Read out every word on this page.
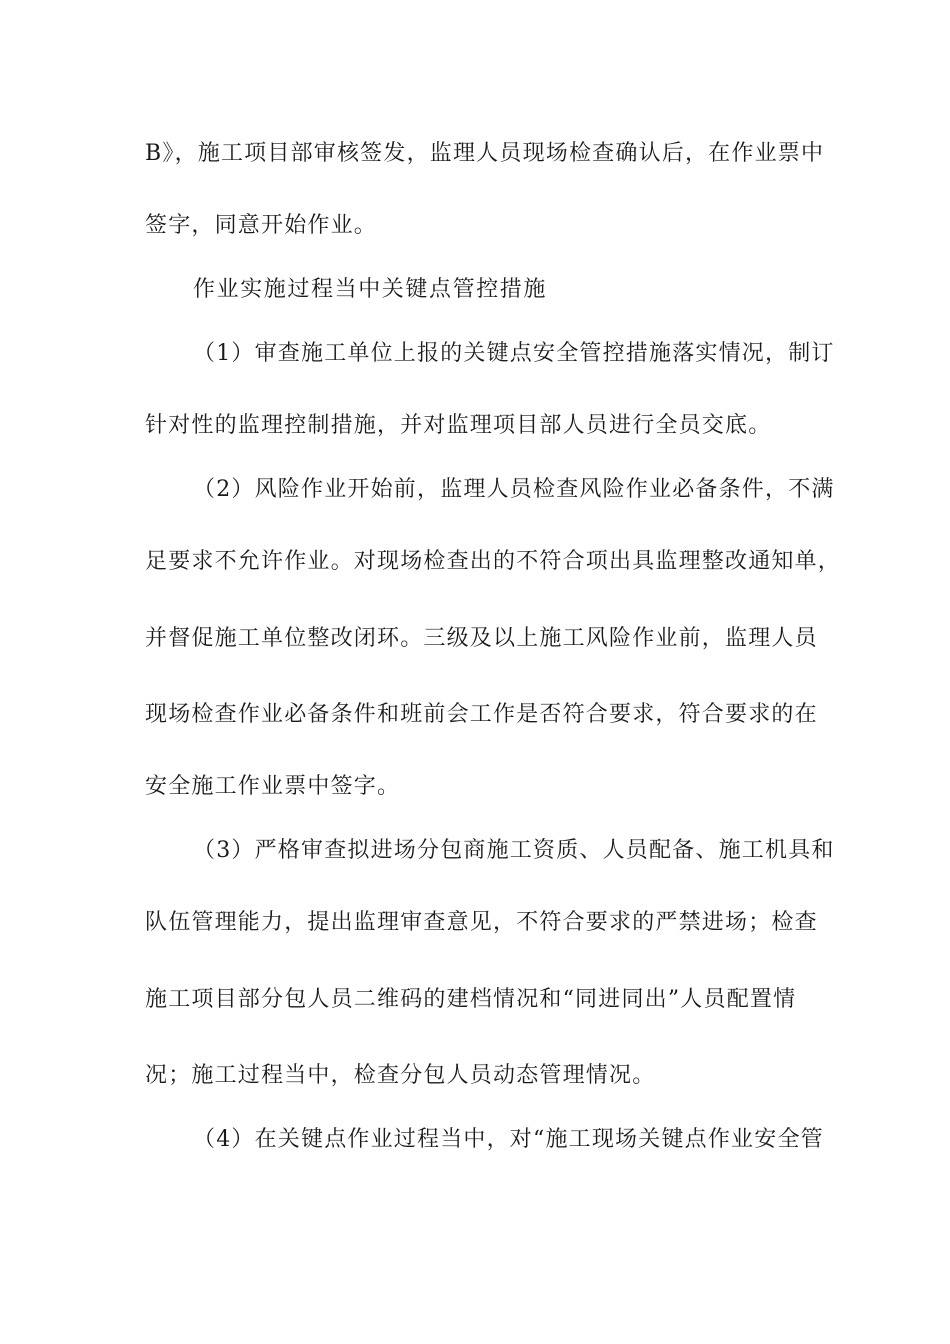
B》，施工项目部审核签发，监理人员现场检查确认后，在作业票中
签字，同意开始作业。
作业实施过程当中关键点管控措施
（1）审查施工单位上报的关键点安全管控措施落实情况，制订
针对性的监理控制措施，并对监理项目部人员进行全员交底。
（2）风险作业开始前，监理人员检查风险作业必备条件，不满
足要求不允许作业。对现场检查出的不符合项出具监理整改通知单，
并督促施工单位整改闭环。三级及以上施工风险作业前，监理人员
现场检查作业必备条件和班前会工作是否符合要求，符合要求的在
安全施工作业票中签字。
（3）严格审查拟进场分包商施工资质、人员配备、施工机具和
队伍管理能力，提出监理审查意见，不符合要求的严禁进场；检查
施工项目部分包人员二维码的建档情况和“同进同出”人员配置情
况；施工过程当中，检查分包人员动态管理情况。
（4）在关键点作业过程当中，对“施工现场关键点作业安全管
